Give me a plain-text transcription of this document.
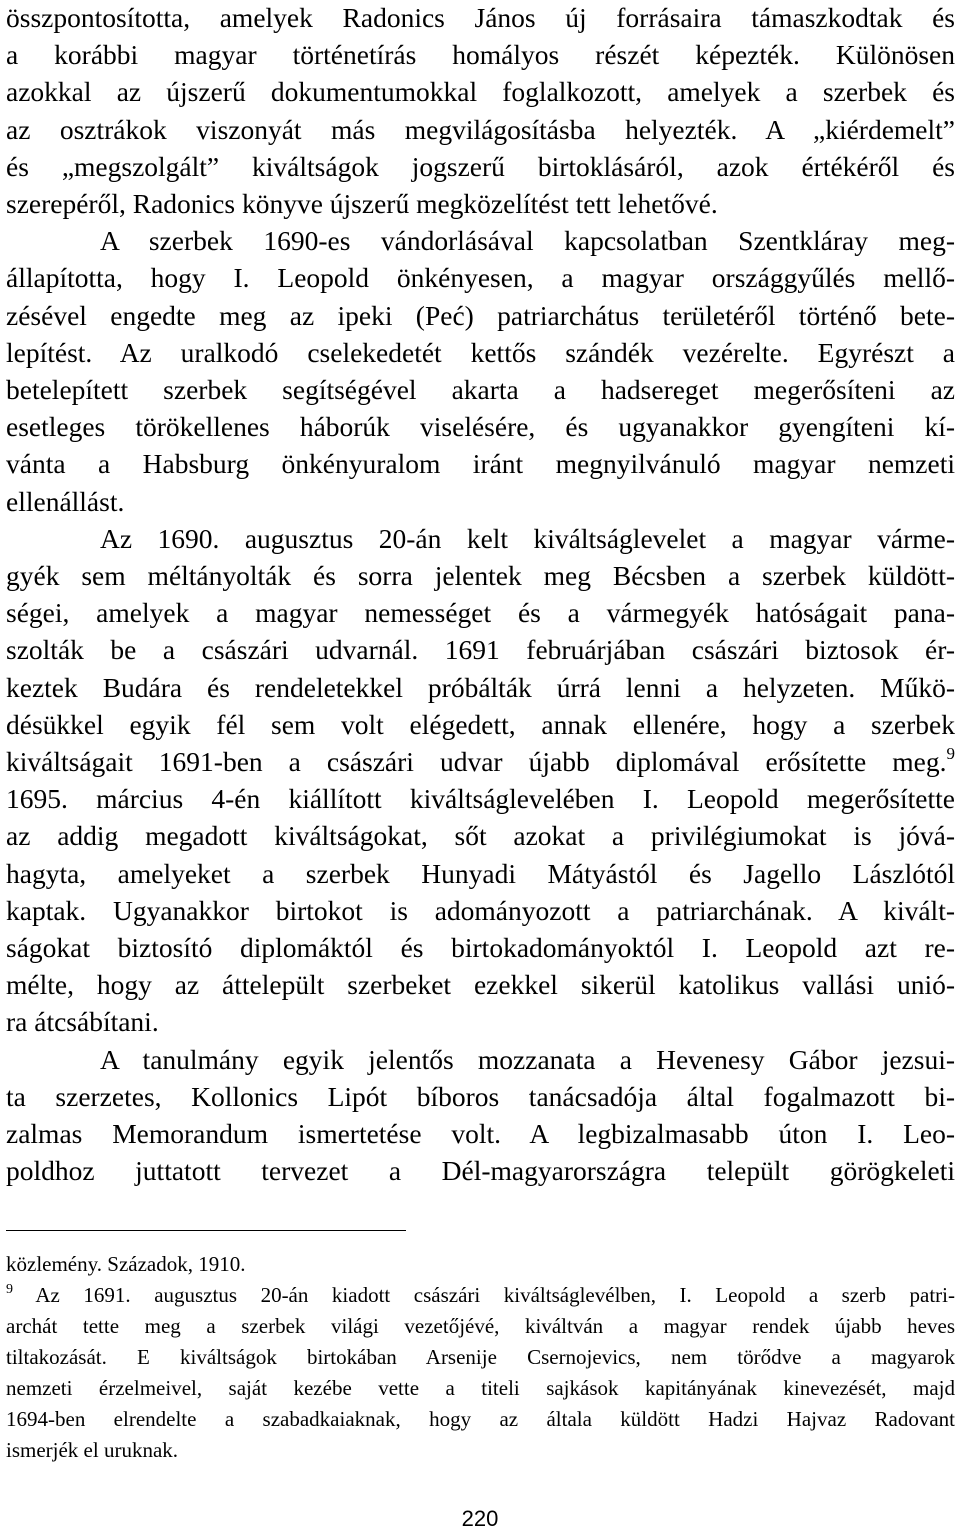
összpontosította, amelyek Radonics János új forrásaira támaszkodtak és
a korábbi magyar történetírás homályos részét képezték. Különösen
azokkal az újszerű dokumentumokkal foglalkozott, amelyek a szerbek és
az osztrákok viszonyát más megvilágosításba helyezték. A „kiérdemelt”
és „megszolgált” kiváltságok jogszerű birtoklásáról, azok értékéről és
szerepéről, Radonics könyve újszerű megközelítést tett lehetővé.
A szerbek 1690-es vándorlásával kapcsolatban Szentkláray meg-
állapította, hogy I. Leopold önkényesen, a magyar országgyűlés mellő-
zésével engedte meg az ipeki (Peć) patriarchátus területéről történő bete-
lepítést. Az uralkodó cselekedetét kettős szándék vezérelte. Egyrészt a
betelepített szerbek segítségével akarta a hadsereget megerősíteni az
esetleges törökellenes háborúk viselésére, és ugyanakkor gyengíteni kí-
vánta a Habsburg önkényuralom iránt megnyilvánuló magyar nemzeti
ellenállást.
Az 1690. augusztus 20-án kelt kiváltságlevelet a magyar várme-
gyék sem méltányolták és sorra jelentek meg Bécsben a szerbek küldött-
ségei, amelyek a magyar nemességet és a vármegyék hatóságait pana-
szolták be a császári udvarnál. 1691 februárjában császári biztosok ér-
keztek Budára és rendeletekkel próbálták úrrá lenni a helyzeten. Műkö-
désükkel egyik fél sem volt elégedett, annak ellenére, hogy a szerbek
kiváltságait 1691-ben a császári udvar újabb diplomával erősítette meg.$^9$
1695. március 4-én kiállított kiváltságlevelében I. Leopold megerősítette
az addig megadott kiváltságokat, sőt azokat a privilégiumokat is jóvá-
hagyta, amelyeket a szerbek Hunyadi Mátyástól és Jagello Lászlótól
kaptak. Ugyanakkor birtokot is adományozott a patriarchának. A kivált-
ságokat biztosító diplomáktól és birtokadományoktól I. Leopold azt re-
mélte, hogy az áttelepült szerbeket ezekkel sikerül katolikus vallási unió-
ra átcsábítani.
A tanulmány egyik jelentős mozzanata a Hevenesy Gábor jezsui-
ta szerzetes, Kollonics Lipót bíboros tanácsadója által fogalmazott bi-
zalmas Memorandum ismertetése volt. A legbizalmasabb úton I. Leo-
poldhoz juttatott tervezet a Dél-magyarországra települt görögkeleti
közlemény. Századok, 1910.
$^9$ Az 1691. augusztus 20-án kiadott császári kiváltságlevélben, I. Leopold a szerb patri-
archát tette meg a szerbek világi vezetőjévé, kiváltván a magyar rendek újabb heves
tiltakozását. E kiváltságok birtokában Arsenije Csernojevics, nem törődve a magyarok
nemzeti érzelmeivel, saját kezébe vette a titeli sajkások kapitányának kinevezését, majd
1694-ben elrendelte a szabadkaiaknak, hogy az általa küldött Hadzi Hajvaz Radovant
ismerjék el uruknak.
220
